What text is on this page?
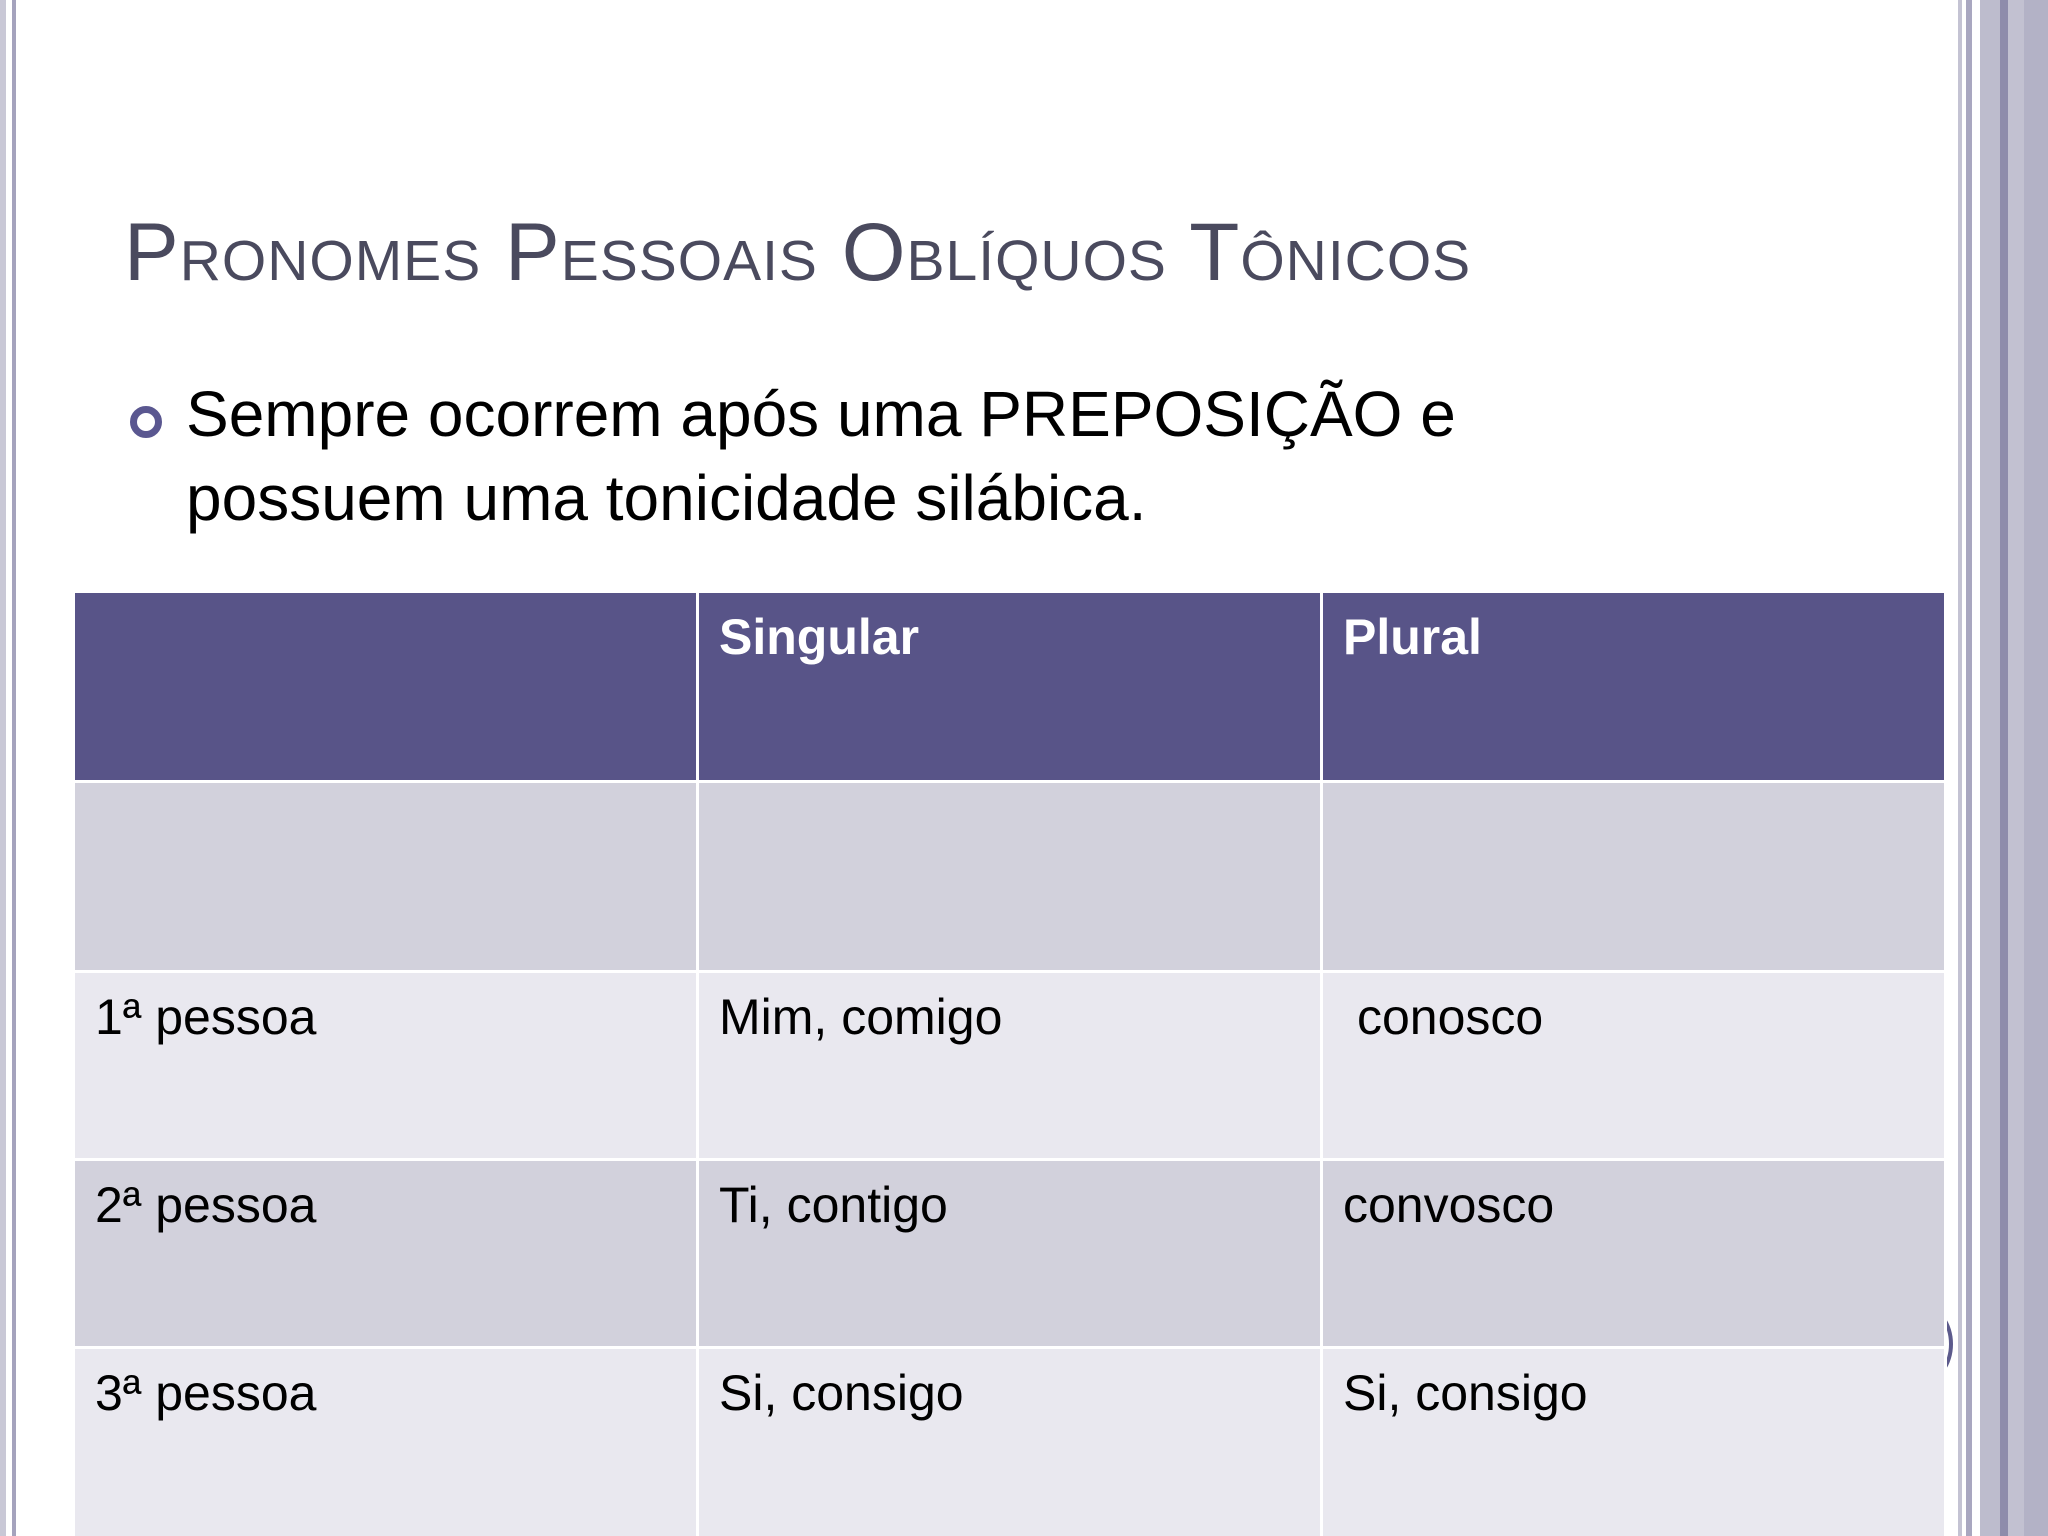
Pronomes Pessoais Oblíquos Tônicos
Sempre ocorrem após uma PREPOSIÇÃO e possuem uma tonicidade silábica.
	Singular	Plural

1ª pessoa	Mim, comigo	conosco
2ª pessoa	Ti, contigo	convosco
3ª pessoa	Si, consigo	Si, consigo
